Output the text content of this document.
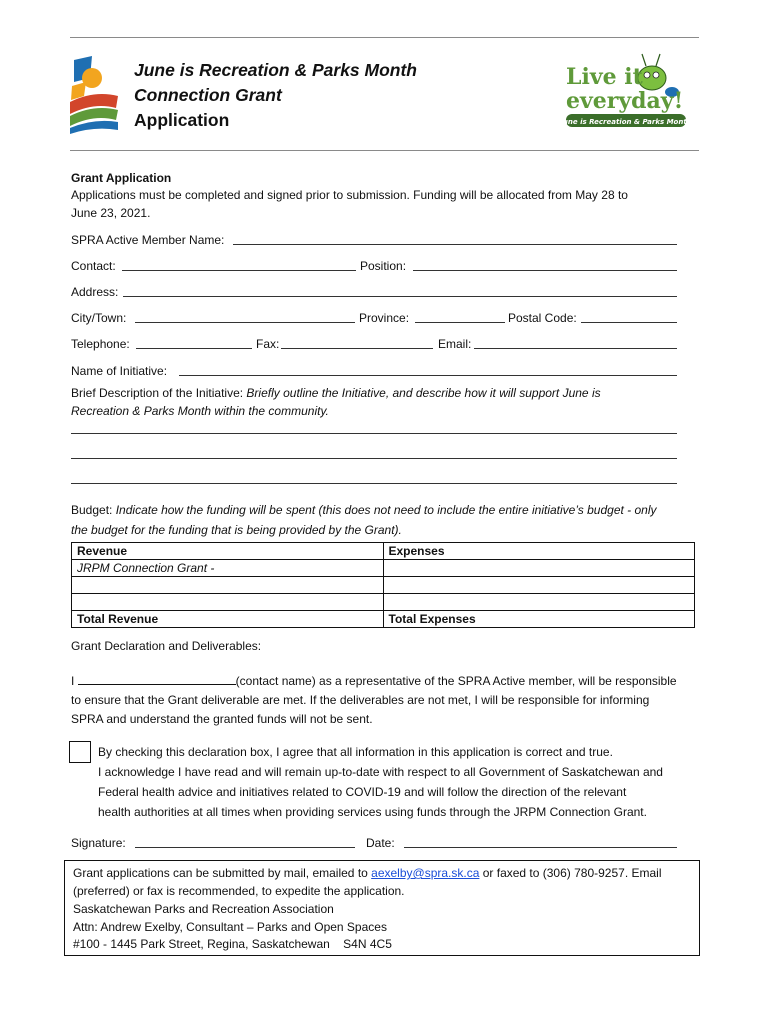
June is Recreation & Parks Month
Connection Grant
Application
Live it
everyday!
June is Recreation & Parks Month
Grant Application
Applications must be completed and signed prior to submission. Funding will be allocated from May 28 to
June 23, 2021.
SPRA Active Member Name:
Contact:	Position:
Address:
City/Town:	Province:	Postal Code:
Telephone:	Fax:	Email:
Name of Initiative:
Brief Description of the Initiative: Briefly outline the Initiative, and describe how it will support June is
Recreation & Parks Month within the community.
Budget: Indicate how the funding will be spent (this does not need to include the entire initiative’s budget - only
the budget for the funding that is being provided by the Grant).
Revenue	Expenses
JRPM Connection Grant -	

Total Revenue	Total Expenses
Grant Declaration and Deliverables:
I	(contact name) as a representative of the SPRA Active member, will be responsible
to ensure that the Grant deliverable are met. If the deliverables are not met, I will be responsible for informing
SPRA and understand the granted funds will not be sent.
By checking this declaration box, I agree that all information in this application is correct and true.
I acknowledge I have read and will remain up-to-date with respect to all Government of Saskatchewan and
Federal health advice and initiatives related to COVID-19 and will follow the direction of the relevant
health authorities at all times when providing services using funds through the JRPM Connection Grant.
Signature:	Date:
Grant applications can be submitted by mail, emailed to aexelby@spra.sk.ca or faxed to (306) 780-9257. Email
(preferred) or fax is recommended, to expedite the application.
Saskatchewan Parks and Recreation Association
Attn: Andrew Exelby, Consultant – Parks and Open Spaces
#100 - 1445 Park Street, Regina, Saskatchewan S4N 4C5
